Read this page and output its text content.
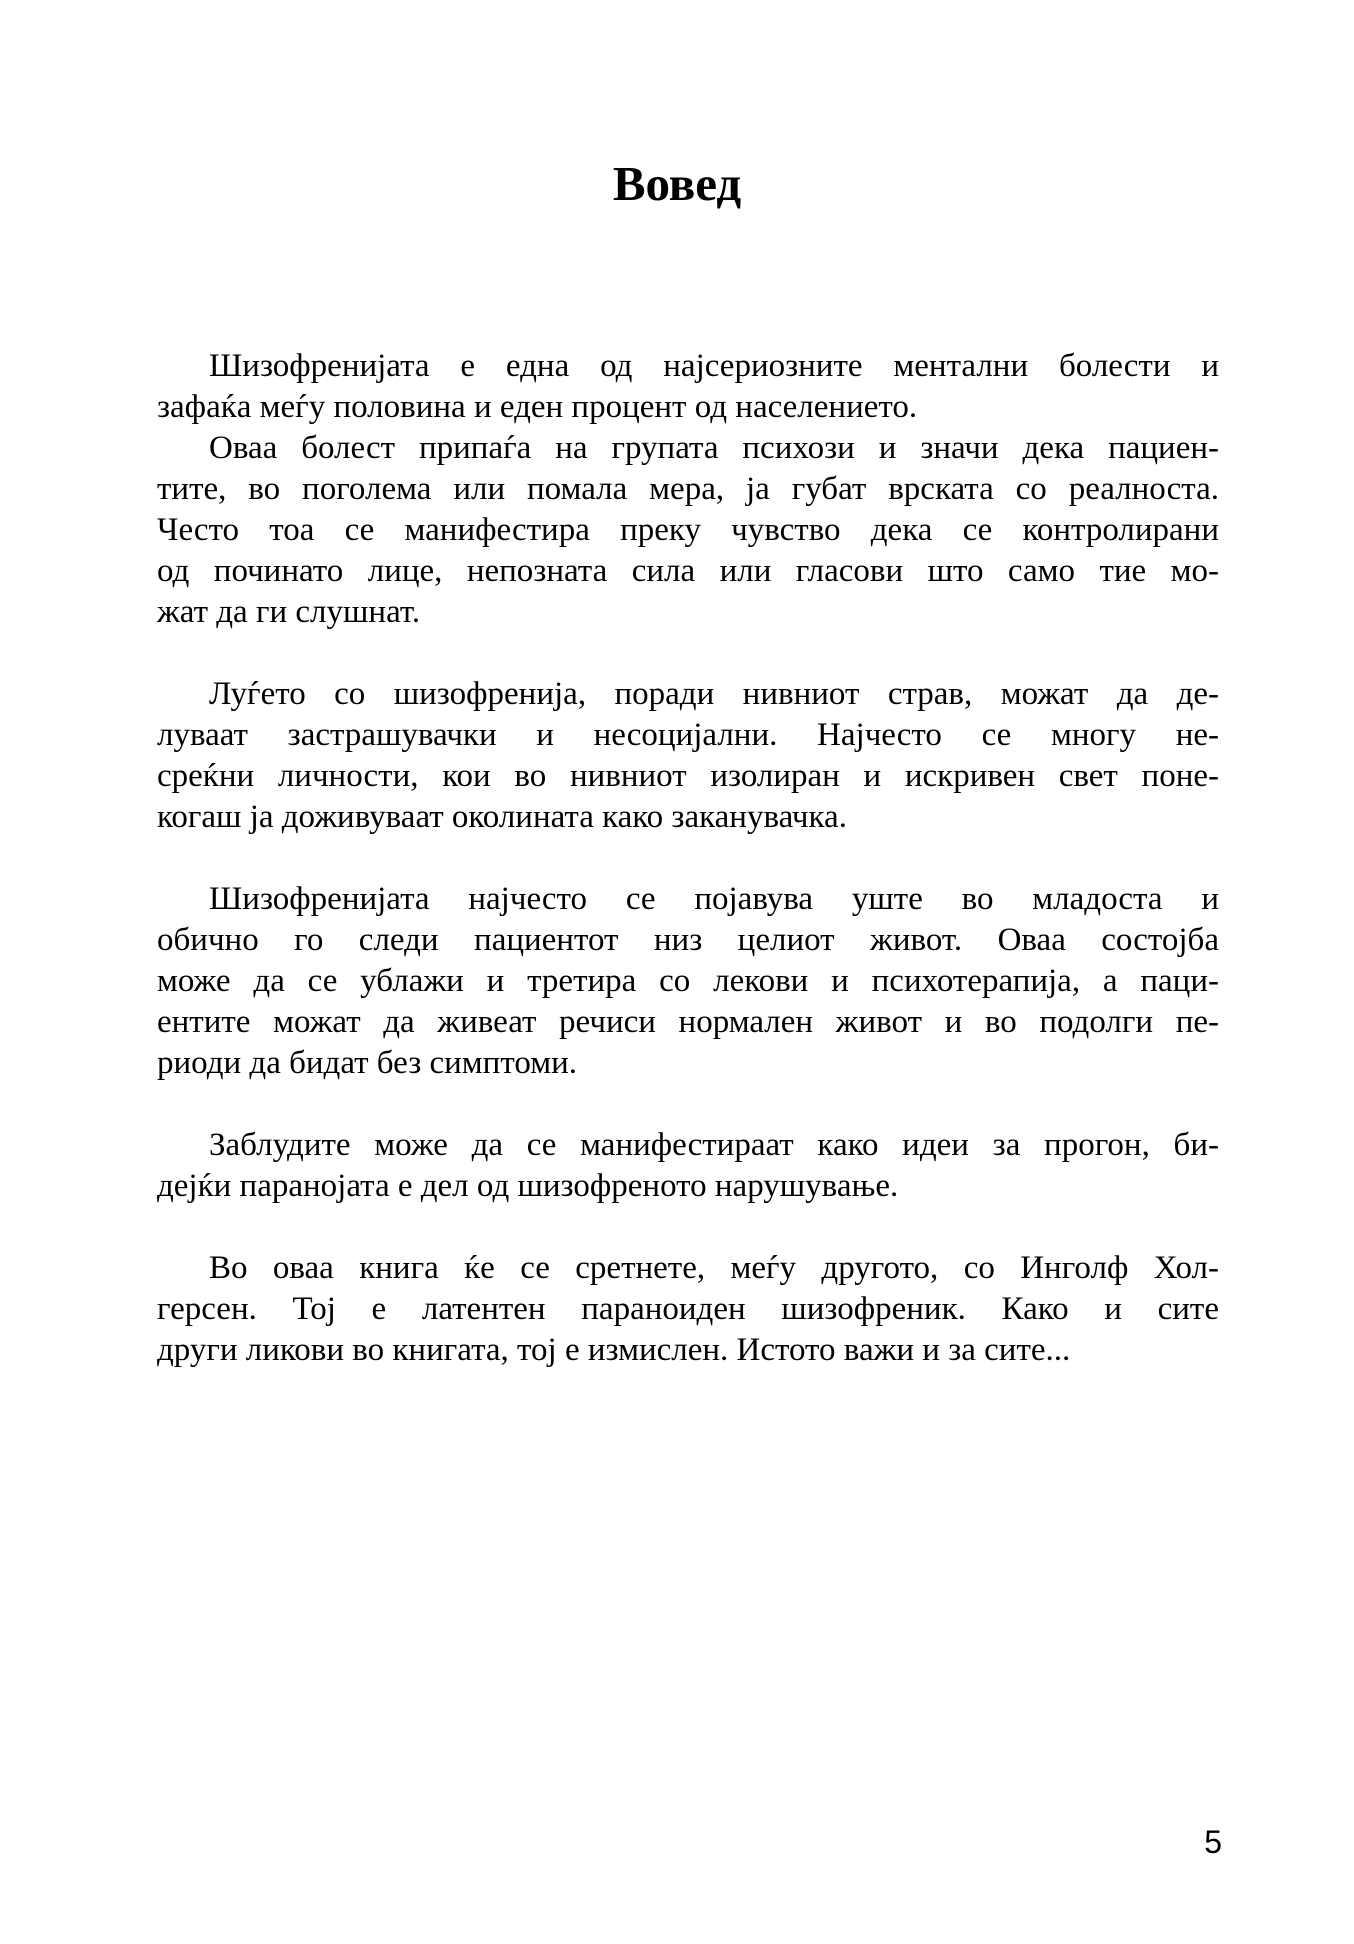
Вовед
Шизофренијата е една од најсериозните ментални болести и
зафаќа меѓу половина и еден процент од населението.
Оваа болест припаѓа на групата психози и значи дека пациен-
тите, во поголема или помала мера, ја губат врската со реалноста.
Често тоа се манифестира преку чувство дека се контролирани
од починато лице, непозната сила или гласови што само тие мо-
жат да ги слушнат.
Луѓето со шизофренија, поради нивниот страв, можат да де-
луваат застрашувачки и несоцијални. Најчесто се многу не-
среќни личности, кои во нивниот изолиран и искривен свет поне-
когаш ја доживуваат околината како заканувачка.
Шизофренијата најчесто се појавува уште во младоста и
обично го следи пациентот низ целиот живот. Оваа состојба
може да се ублажи и третира со лекови и психотерапија, а паци-
ентите можат да живеат речиси нормален живот и во подолги пе-
риоди да бидат без симптоми.
Заблудите може да се манифестираат како идеи за прогон, би-
дејќи паранојата е дел од шизофреното нарушување.
Во оваа книга ќе се сретнете, меѓу другото, со Инголф Хол-
герсен. Тој е латентен параноиден шизофреник. Како и сите
други ликови во книгата, тој е измислен. Истото важи и за сите...
5
